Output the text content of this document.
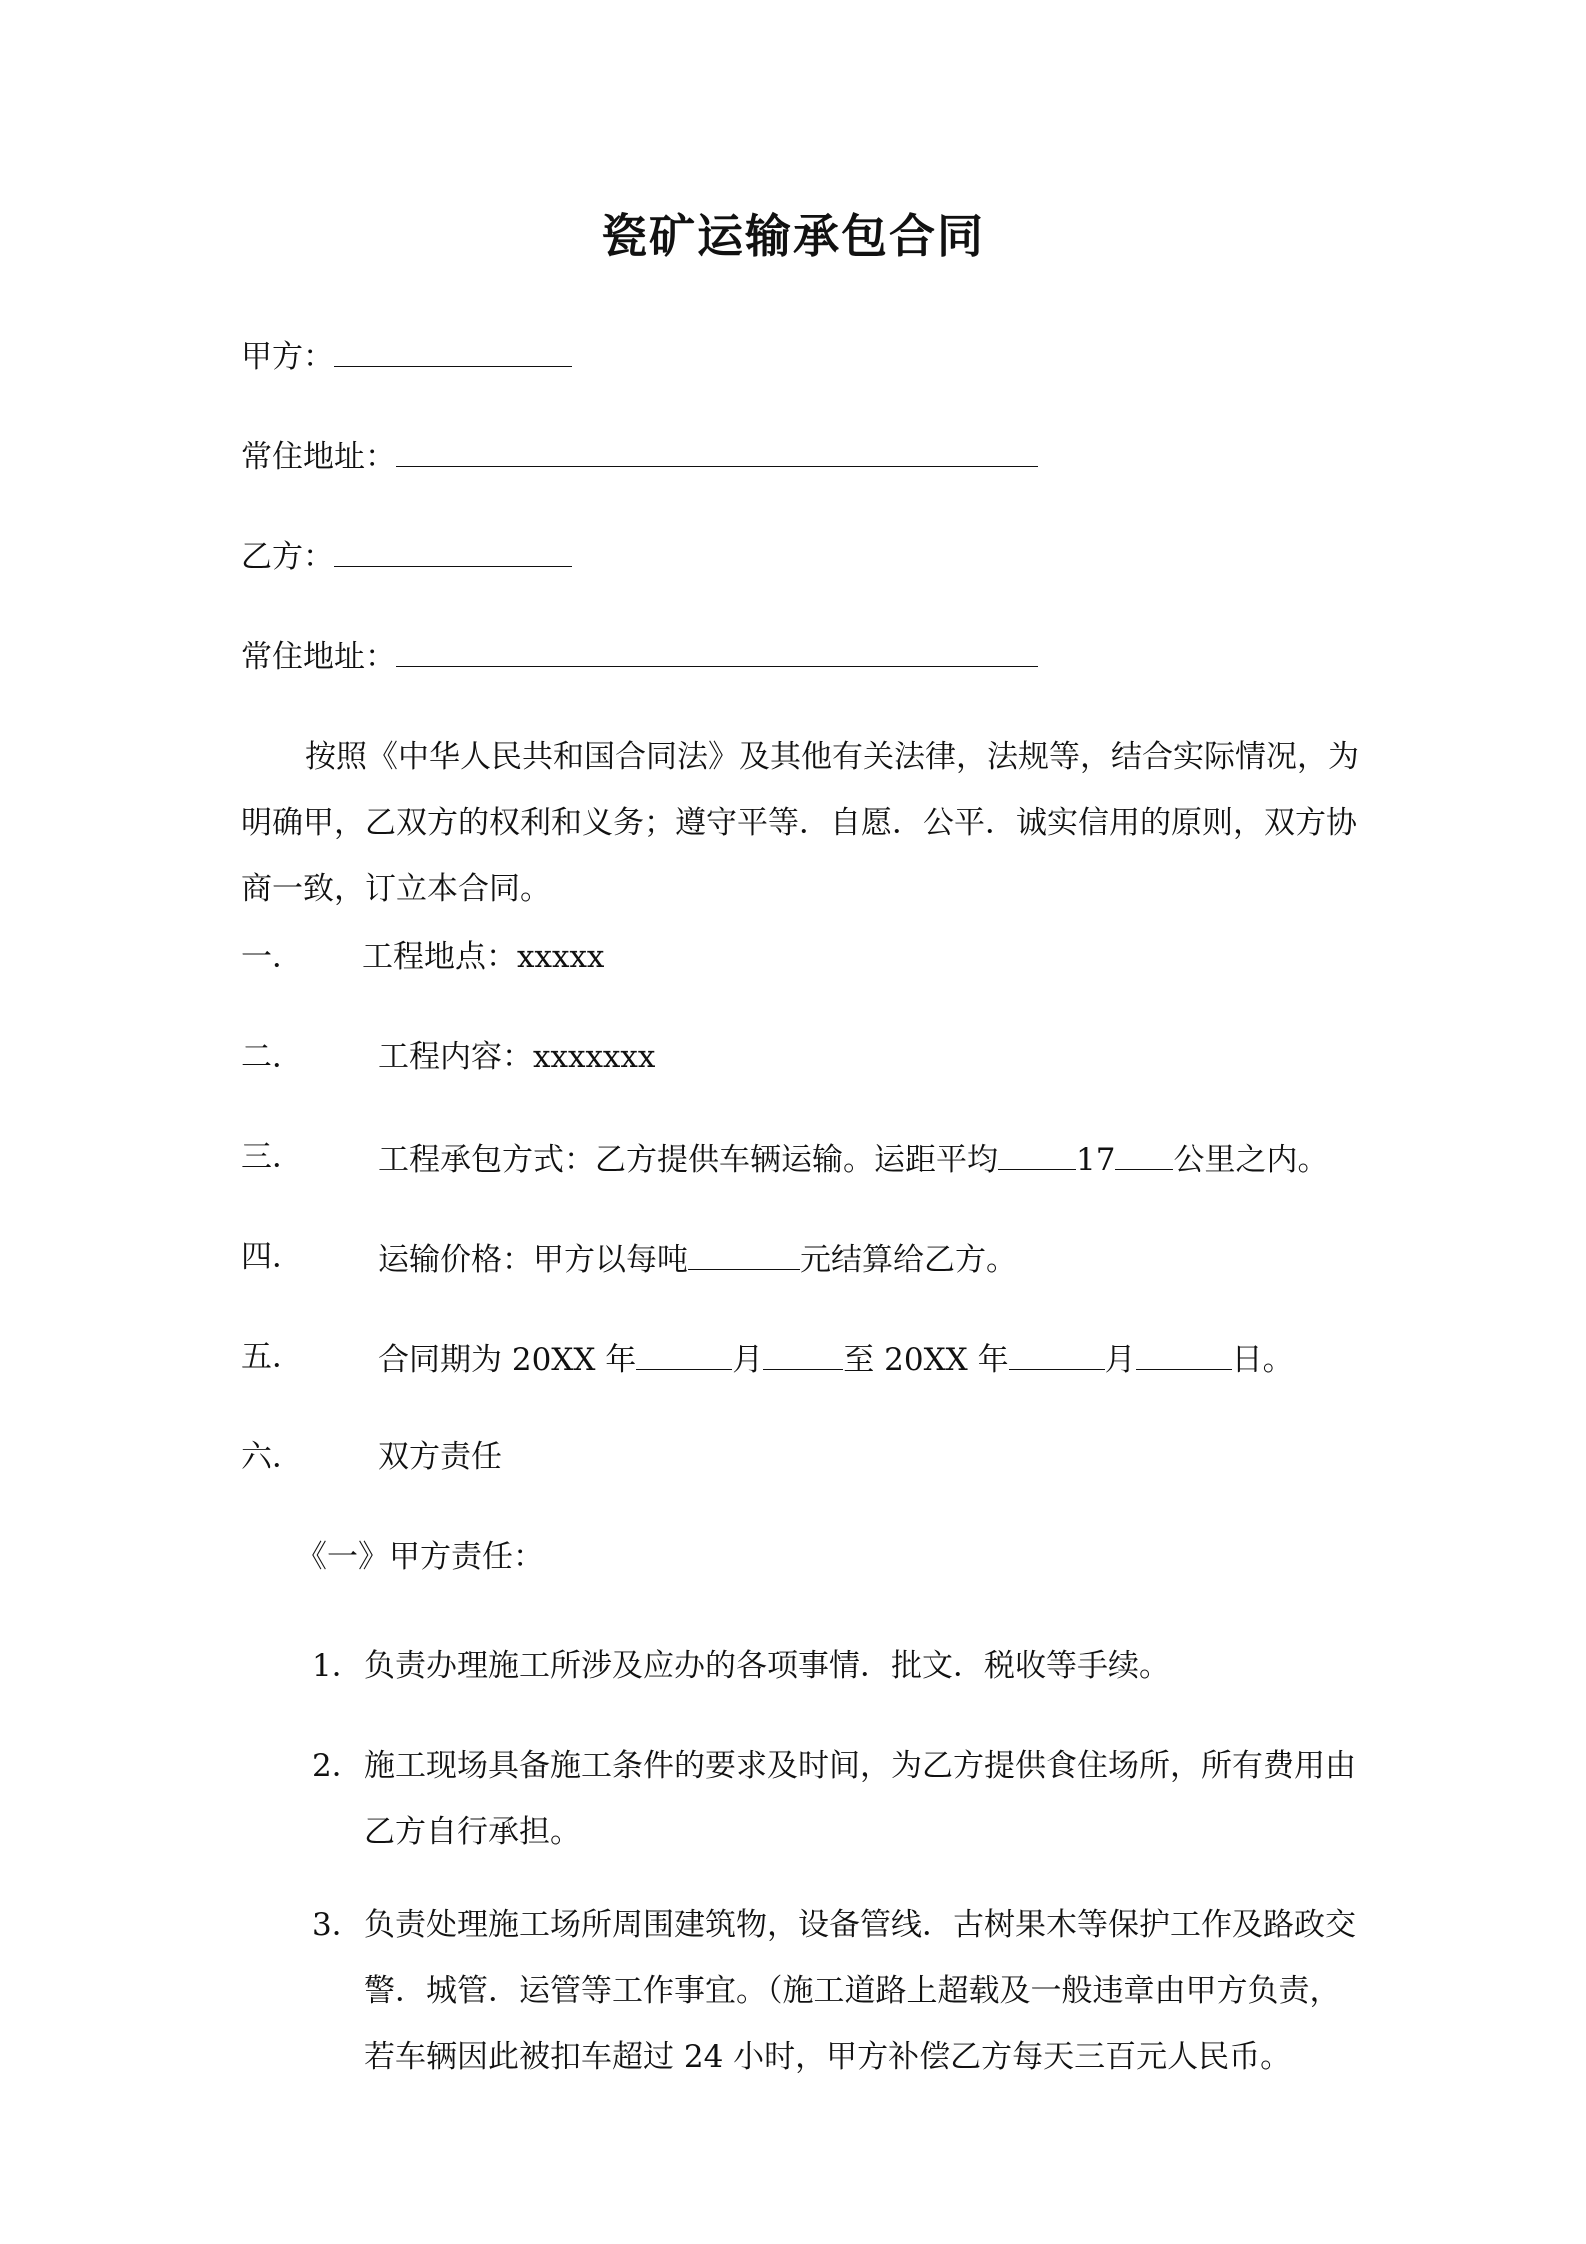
瓷矿运输承包合同
甲方：
常住地址：
乙方：
常住地址：
按照《中华人民共和国合同法》及其他有关法律，法规等，结合实际情况，为明确甲，乙双方的权利和义务；遵守平等．自愿．公平．诚实信用的原则，双方协商一致，订立本合同。
一． 工程地点：xxxxx
二． 工程内容：xxxxxxx
三． 工程承包方式：乙方提供车辆运输。运距平均	17 公里之内。
四． 运输价格：甲方以每吨	元结算给乙方。
五． 合同期为 20XX 年	月	至 20XX 年	月	日。
六． 双方责任
《一》甲方责任：
1． 负责办理施工所涉及应办的各项事情．批文．税收等手续。
2． 施工现场具备施工条件的要求及时间，为乙方提供食住场所，所有费用由乙方自行承担。
3． 负责处理施工场所周围建筑物，设备管线．古树果木等保护工作及路政交警．城管．运管等工作事宜。（施工道路上超载及一般违章由甲方负责，若车辆因此被扣车超过 24 小时，甲方补偿乙方每天三百元人民币。
